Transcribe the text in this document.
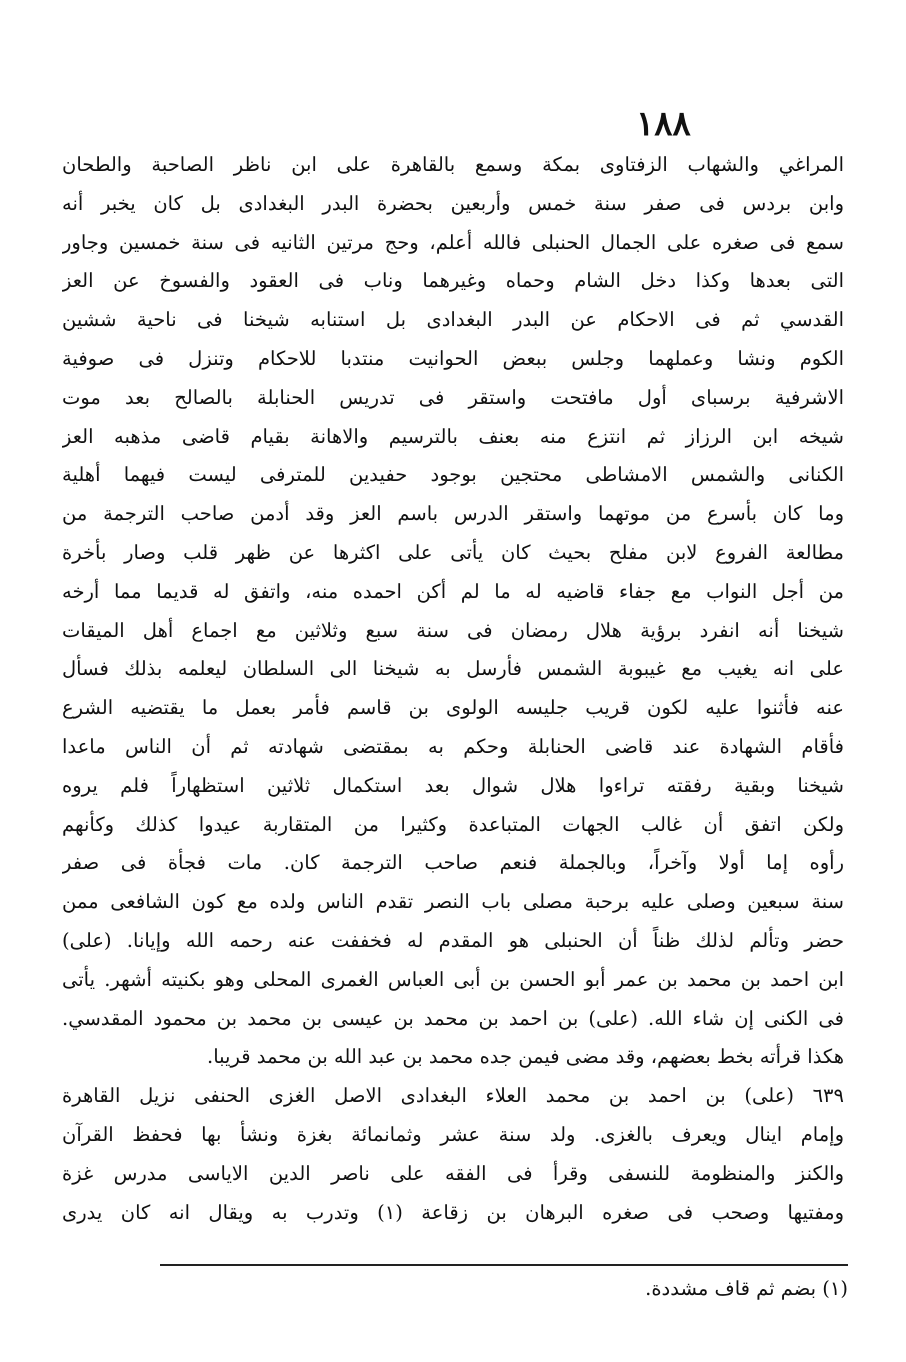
١٨٨
المراغي والشهاب الزفتاوى بمكة وسمع بالقاهرة على ابن ناظر الصاحبة والطحان
وابن بردس فى صفر سنة خمس وأربعين بحضرة البدر البغدادى بل كان يخبر أنه
سمع فى صغره على الجمال الحنبلى فالله أعلم، وحج مرتين الثانيه فى سنة خمسين وجاور
التى بعدها وكذا دخل الشام وحماه وغيرهما وناب فى العقود والفسوخ عن العز
القدسي ثم فى الاحكام عن البدر البغدادى بل استنابه شيخنا فى ناحية ششين
الكوم ونشا وعملهما وجلس ببعض الحوانيت منتدبا للاحكام وتنزل فى صوفية
الاشرفية برسباى أول مافتحت واستقر فى تدريس الحنابلة بالصالح بعد موت
شيخه ابن الرزاز ثم انتزع منه بعنف بالترسيم والاهانة بقيام قاضى مذهبه العز
الكنانى والشمس الامشاطى محتجين بوجود حفيدين للمترفى ليست فيهما أهلية
وما كان بأسرع من موتهما واستقر الدرس باسم العز وقد أدمن صاحب الترجمة من
مطالعة الفروع لابن مفلح بحيث كان يأتى على اكثرها عن ظهر قلب وصار بأخرة
من أجل النواب مع جفاء قاضيه له ما لم أكن احمده منه، واتفق له قديما مما أرخه
شيخنا أنه انفرد برؤية هلال رمضان فى سنة سبع وثلاثين مع اجماع أهل الميقات
على انه يغيب مع غيبوبة الشمس فأرسل به شيخنا الى السلطان ليعلمه بذلك فسأل
عنه فأثنوا عليه لكون قريب جليسه الولوى بن قاسم فأمر بعمل ما يقتضيه الشرع
فأقام الشهادة عند قاضى الحنابلة وحكم به بمقتضى شهادته ثم أن الناس ماعدا
شيخنا وبقية رفقته تراءوا هلال شوال بعد استكمال ثلاثين استظهاراً فلم يروه
ولكن اتفق أن غالب الجهات المتباعدة وكثيرا من المتقاربة عيدوا كذلك وكأنهم
رأوه إما أولا وآخراً، وبالجملة فنعم صاحب الترجمة كان. مات فجأة فى صفر
سنة سبعين وصلى عليه برحبة مصلى باب النصر تقدم الناس ولده مع كون الشافعى ممن
حضر وتألم لذلك ظناً أن الحنبلى هو المقدم له فخففت عنه رحمه الله وإيانا. (على)
ابن احمد بن محمد بن عمر أبو الحسن بن أبى العباس الغمرى المحلى وهو بكنيته أشهر. يأتى
فى الكنى إن شاء الله. (على) بن احمد بن محمد بن عيسى بن محمد بن محمود المقدسي.
هكذا قرأته بخط بعضهم، وقد مضى فيمن جده محمد بن عبد الله بن محمد قريبا.
٦٣٩ (على) بن احمد بن محمد العلاء البغدادى الاصل الغزى الحنفى نزيل القاهرة
وإمام اينال ويعرف بالغزى. ولد سنة عشر وثمانمائة بغزة ونشأ بها فحفظ القرآن
والكنز والمنظومة للنسفى وقرأ فى الفقه على ناصر الدين الاياسى مدرس غزة
ومفتيها وصحب فى صغره البرهان بن زقاعة (١) وتدرب به ويقال انه كان يدرى
(١) بضم ثم قاف مشددة.
